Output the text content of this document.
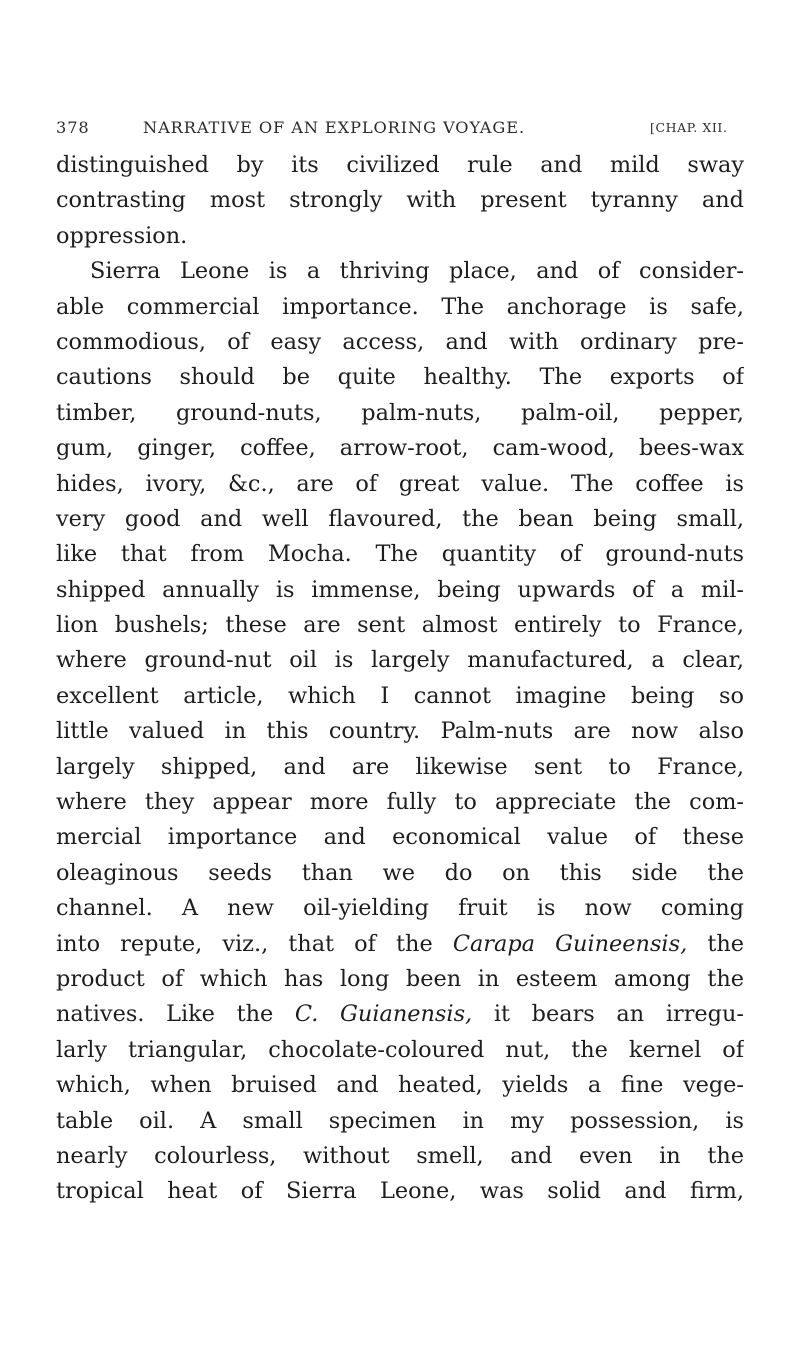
378	NARRATIVE OF AN EXPLORING VOYAGE.	[CHAP. XII.
distinguished by its civilized rule and mild sway
contrasting most strongly with present tyranny and
oppression.
Sierra Leone is a thriving place, and of consider-
able commercial importance. The anchorage is safe,
commodious, of easy access, and with ordinary pre-
cautions should be quite healthy. The exports of
timber, ground-nuts, palm-nuts, palm-oil, pepper,
gum, ginger, coffee, arrow-root, cam-wood, bees-wax
hides, ivory, &c., are of great value. The coffee is
very good and well flavoured, the bean being small,
like that from Mocha. The quantity of ground-nuts
shipped annually is immense, being upwards of a mil-
lion bushels; these are sent almost entirely to France,
where ground-nut oil is largely manufactured, a clear,
excellent article, which I cannot imagine being so
little valued in this country. Palm-nuts are now also
largely shipped, and are likewise sent to France,
where they appear more fully to appreciate the com-
mercial importance and economical value of these
oleaginous seeds than we do on this side the
channel. A new oil-yielding fruit is now coming
into repute, viz., that of the Carapa Guineensis, the
product of which has long been in esteem among the
natives. Like the C. Guianensis, it bears an irregu-
larly triangular, chocolate-coloured nut, the kernel of
which, when bruised and heated, yields a fine vege-
table oil. A small specimen in my possession, is
nearly colourless, without smell, and even in the
tropical heat of Sierra Leone, was solid and firm,
